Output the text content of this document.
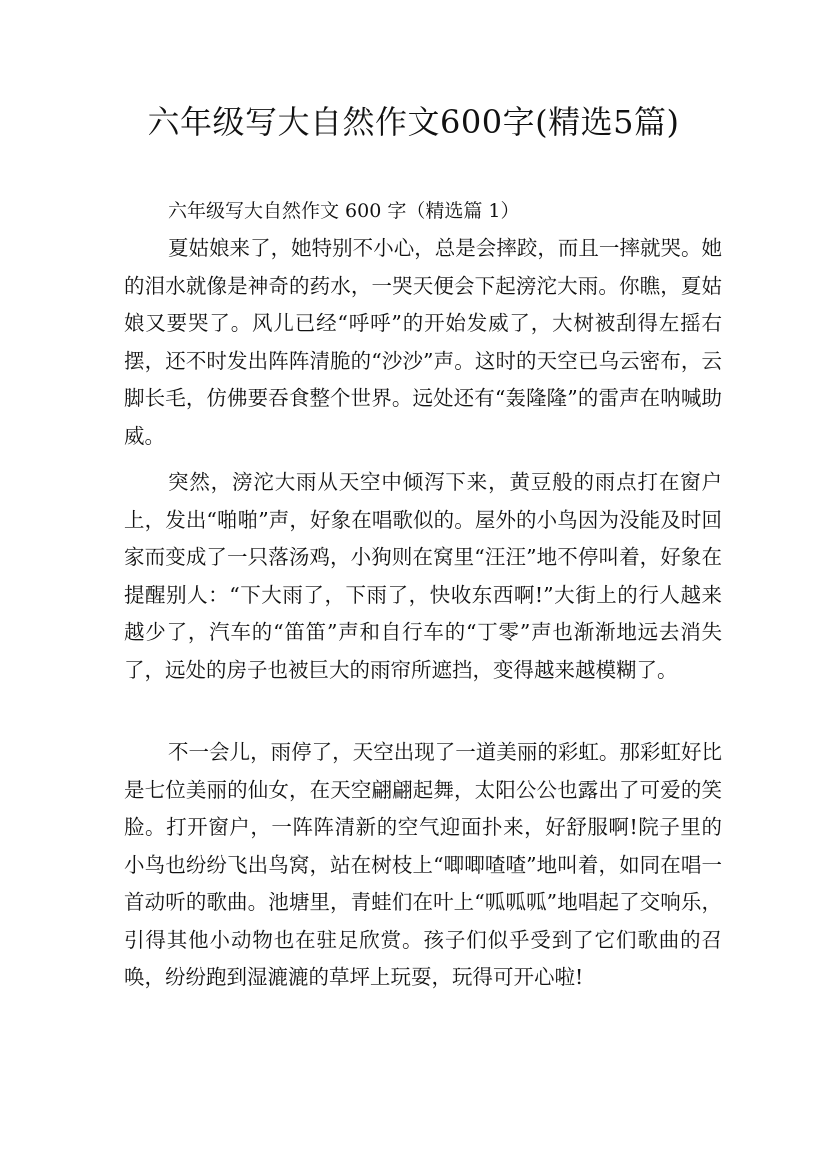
六年级写大自然作文600字(精选5篇)
六年级写大自然作文 600 字（精选篇 1）

夏姑娘来了，她特别不小心，总是会摔跤，而且一摔就哭。她的泪水就像是神奇的药水，一哭天便会下起滂沱大雨。你瞧，夏姑娘又要哭了。风儿已经“呼呼”的开始发威了，大树被刮得左摇右摆，还不时发出阵阵清脆的“沙沙”声。这时的天空已乌云密布，云脚长毛，仿佛要吞食整个世界。远处还有“轰隆隆”的雷声在呐喊助威。

突然，滂沱大雨从天空中倾泻下来，黄豆般的雨点打在窗户上，发出“啪啪”声，好象在唱歌似的。屋外的小鸟因为没能及时回家而变成了一只落汤鸡，小狗则在窝里“汪汪”地不停叫着，好象在提醒别人：“下大雨了，下雨了，快收东西啊!”大街上的行人越来越少了，汽车的“笛笛”声和自行车的“丁零”声也渐渐地远去消失了，远处的房子也被巨大的雨帘所遮挡，变得越来越模糊了。

不一会儿，雨停了，天空出现了一道美丽的彩虹。那彩虹好比是七位美丽的仙女，在天空翩翩起舞，太阳公公也露出了可爱的笑脸。打开窗户，一阵阵清新的空气迎面扑来，好舒服啊!院子里的小鸟也纷纷飞出鸟窝，站在树枝上“唧唧喳喳”地叫着，如同在唱一首动听的歌曲。池塘里，青蛙们在叶上“呱呱呱”地唱起了交响乐，引得其他小动物也在驻足欣赏。孩子们似乎受到了它们歌曲的召唤，纷纷跑到湿漉漉的草坪上玩耍，玩得可开心啦!
